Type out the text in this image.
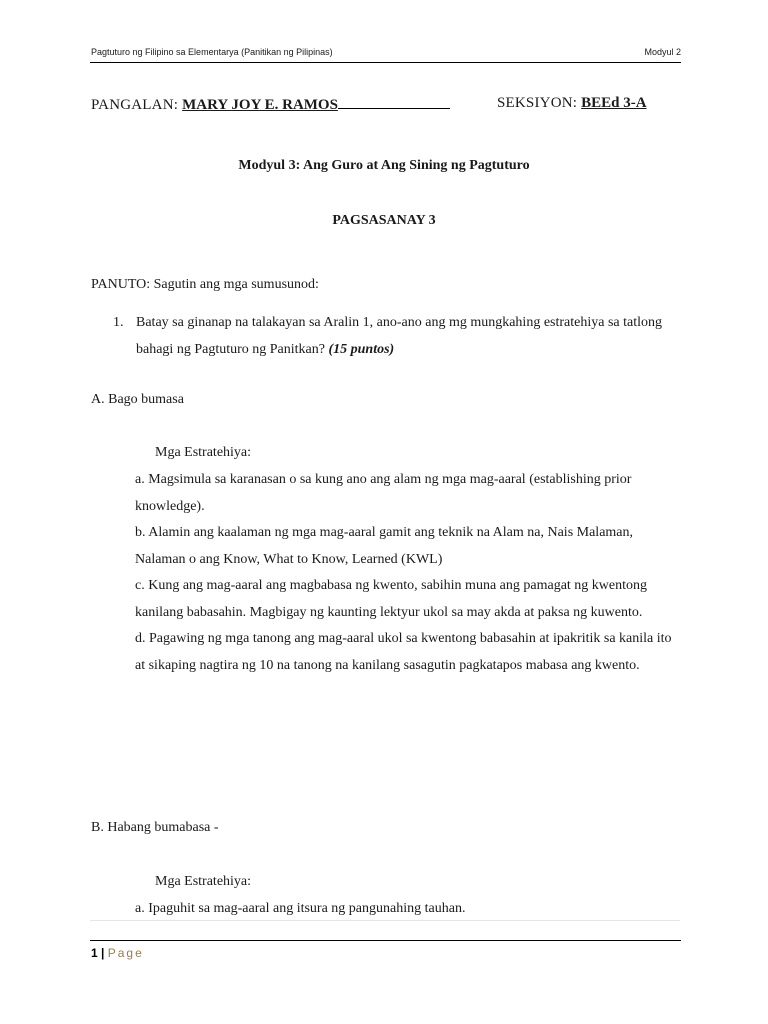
Pagtuturo ng Filipino sa Elementarya (Panitikan ng Pilipinas)	Modyul 2
PANGALAN: MARY JOY E. RAMOS	SEKSIYON: BEEd 3-A
Modyul 3: Ang Guro at Ang Sining ng Pagtuturo
PAGSASANAY 3
PANUTO: Sagutin ang mga sumusunod:
1. Batay sa ginanap na talakayan sa Aralin 1, ano-ano ang mg mungkahing estratehiya sa tatlong bahagi ng Pagtuturo ng Panitkan? (15 puntos)
A. Bago bumasa
Mga Estratehiya:

a. Magsimula sa karanasan o sa kung ano ang alam ng mga mag-aaral (establishing prior knowledge).

b. Alamin ang kaalaman ng mga mag-aaral gamit ang teknik na Alam na, Nais Malaman, Nalaman o ang Know, What to Know, Learned (KWL)

c. Kung ang mag-aaral ang magbabasa ng kwento, sabihin muna ang pamagat ng kwentong kanilang babasahin. Magbigay ng kaunting lektyur ukol sa may akda at paksa ng kuwento.

d. Pagawing ng mga tanong ang mag-aaral ukol sa kwentong babasahin at ipakritik sa kanila ito at sikaping nagtira ng 10 na tanong na kanilang sasagutin pagkatapos mabasa ang kwento.

B. Habang bumabasa -
Mga Estratehiya:
a. Ipaguhit sa mag-aaral ang itsura ng pangunahing tauhan.
1 | Page
